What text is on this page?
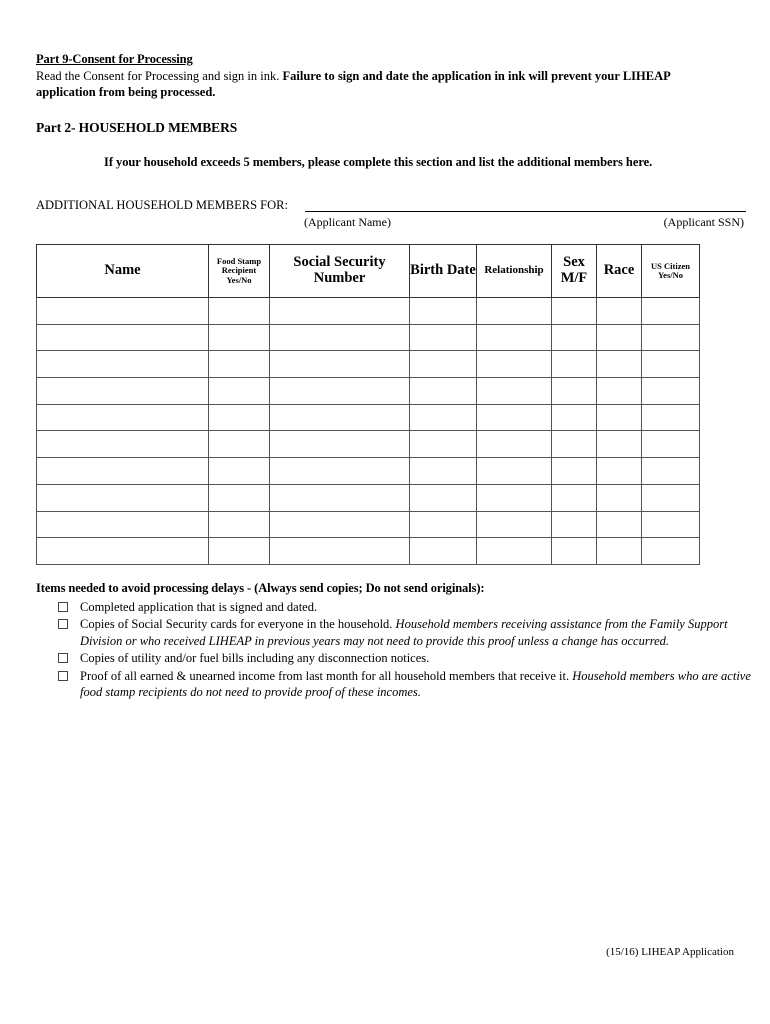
Part 9-Consent for Processing
Read the Consent for Processing and sign in ink. Failure to sign and date the application in ink will prevent your LIHEAP application from being processed.
Part 2- HOUSEHOLD MEMBERS
If your household exceeds 5 members, please complete this section and list the additional members here.
ADDITIONAL HOUSEHOLD MEMBERS FOR:
(Applicant Name)	(Applicant SSN)
Name	Food Stamp Recipient Yes/No	Social Security Number	Birth Date	Relationship	Sex M/F	Race	US Citizen Yes/No

Items needed to avoid processing delays - (Always send copies; Do not send originals):
Completed application that is signed and dated.
Copies of Social Security cards for everyone in the household. Household members receiving assistance from the Family Support Division or who received LIHEAP in previous years may not need to provide this proof unless a change has occurred.
Copies of utility and/or fuel bills including any disconnection notices.
Proof of all earned & unearned income from last month for all household members that receive it. Household members who are active food stamp recipients do not need to provide proof of these incomes.
(15/16) LIHEAP Application
